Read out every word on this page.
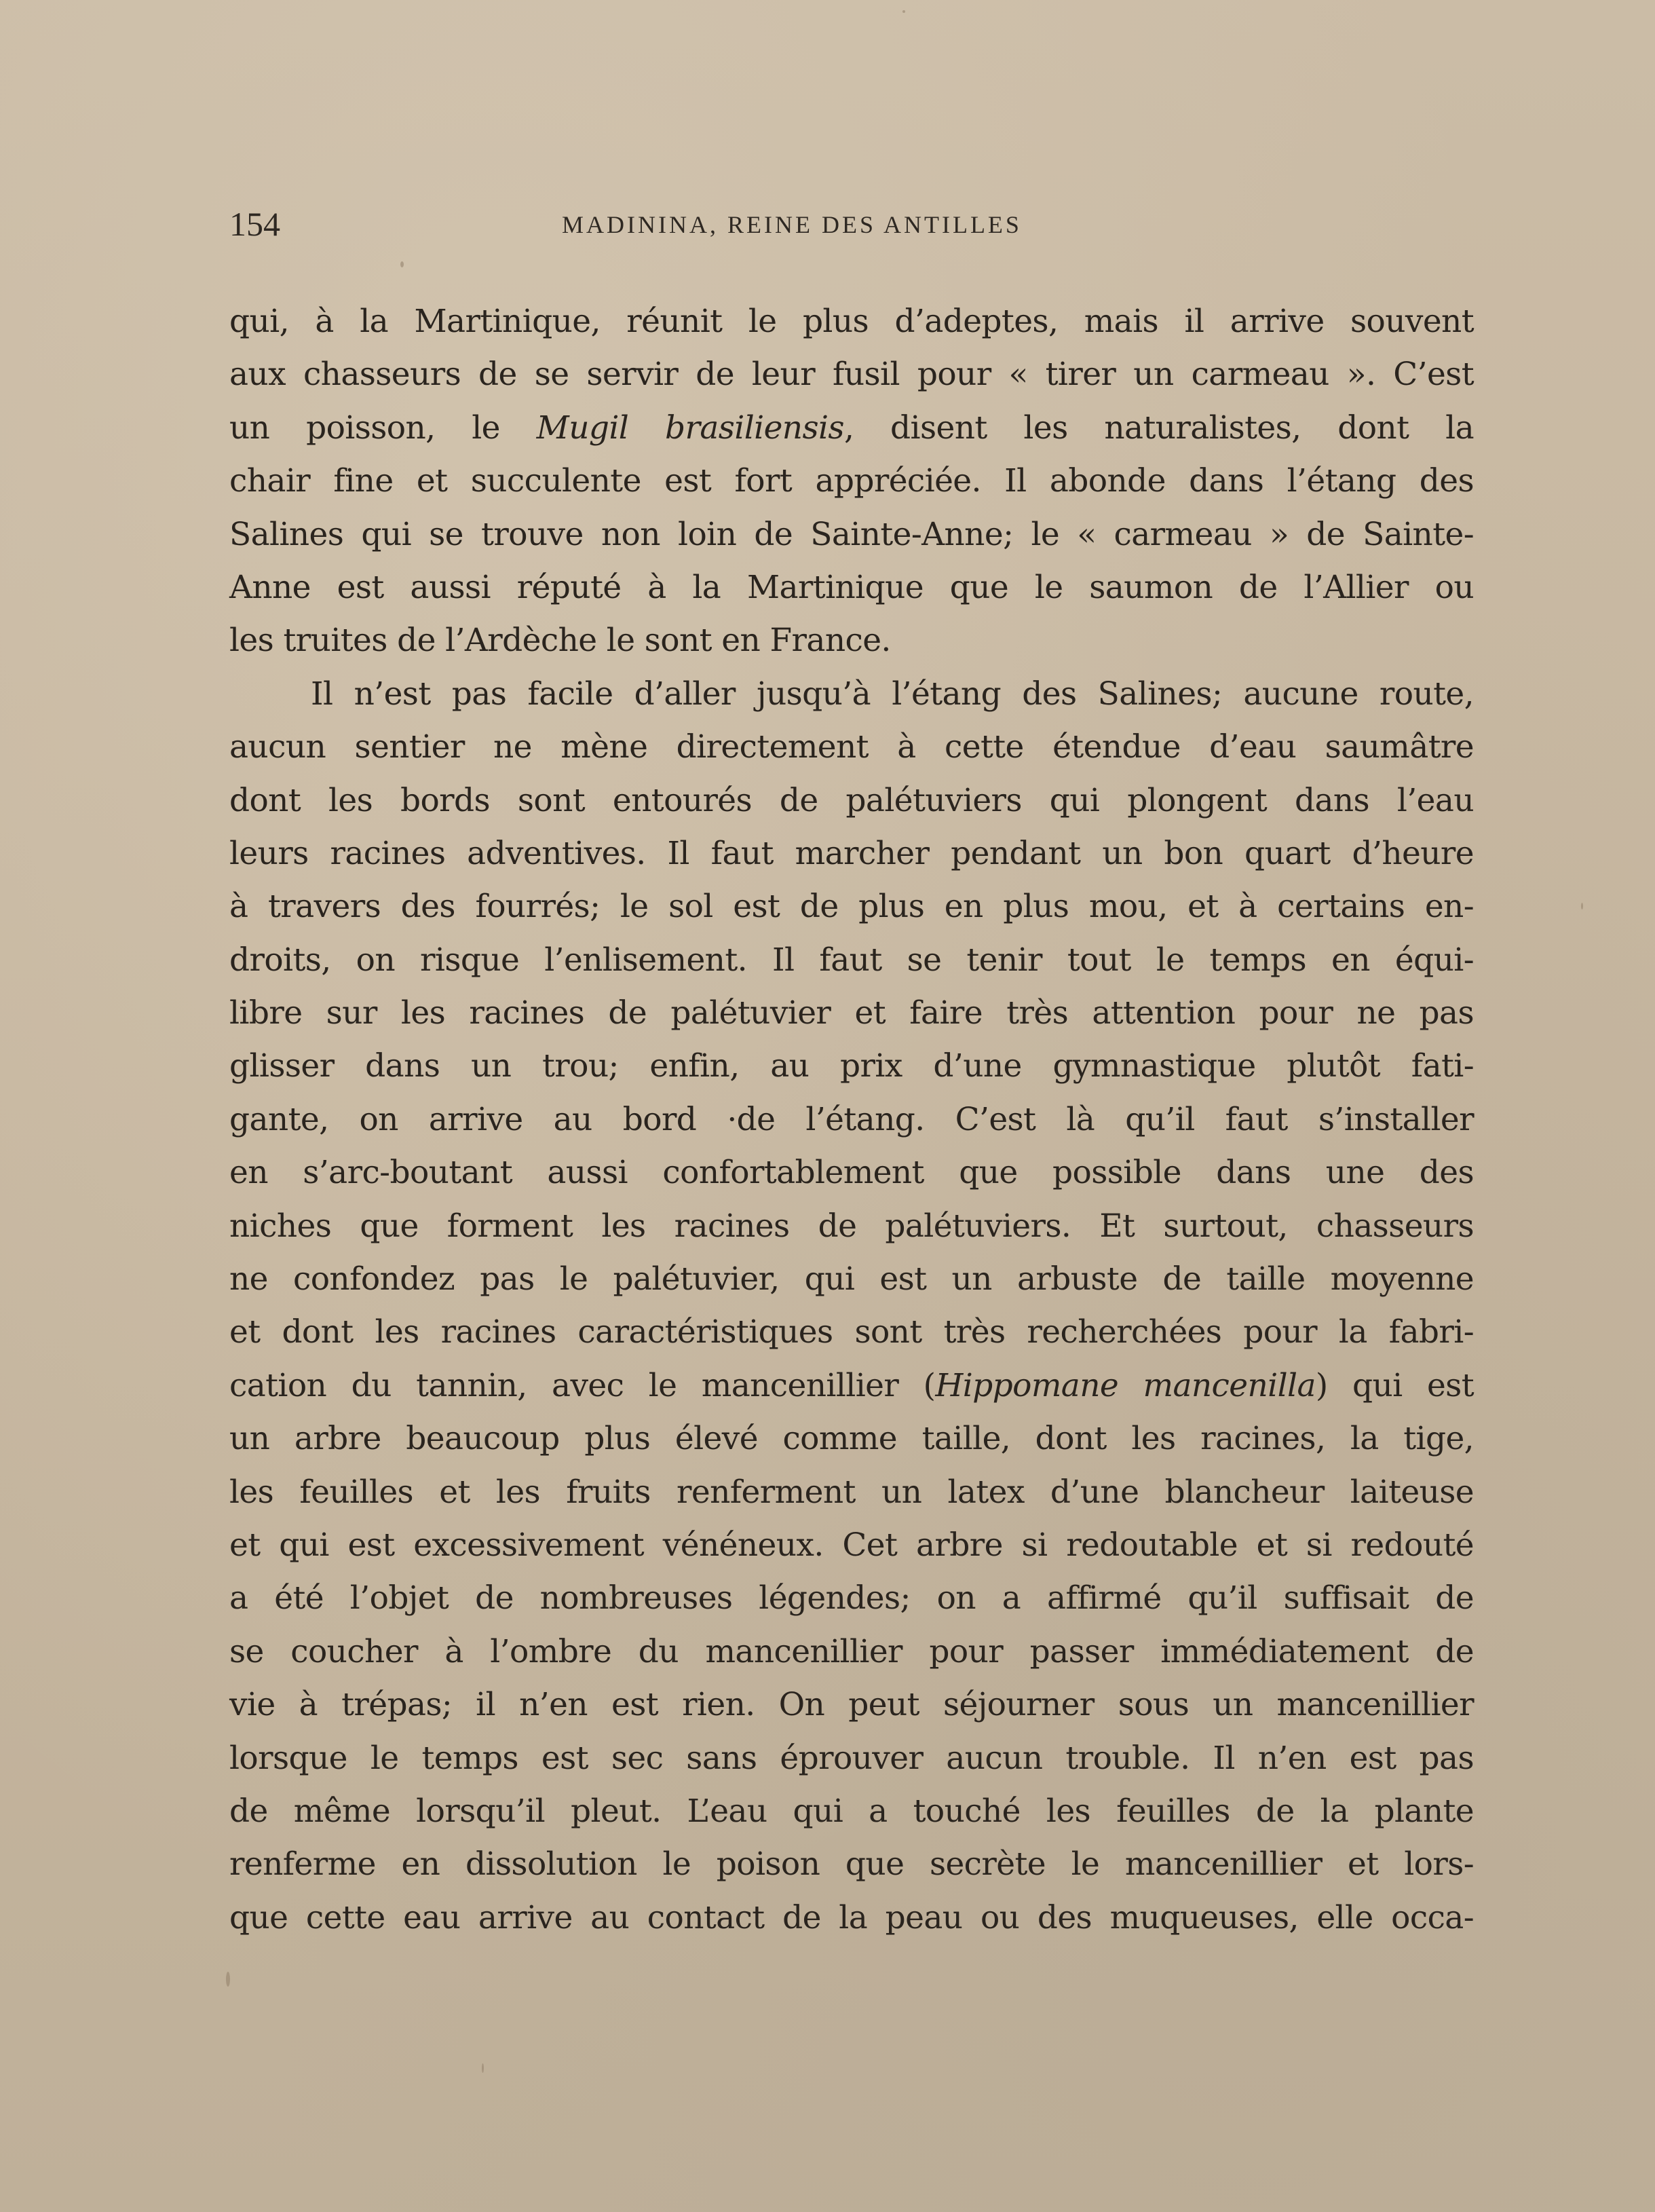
154	MADININA, REINE DES ANTILLES
qui, à la Martinique, réunit le plus d’adeptes, mais il arrive souvent
aux chasseurs de se servir de leur fusil pour « tirer un carmeau ». C’est
un poisson, le Mugil brasiliensis, disent les naturalistes, dont la
chair fine et succulente est fort appréciée. Il abonde dans l’étang des
Salines qui se trouve non loin de Sainte-Anne; le « carmeau » de Sainte-
Anne est aussi réputé à la Martinique que le saumon de l’Allier ou
les truites de l’Ardèche le sont en France.
Il n’est pas facile d’aller jusqu’à l’étang des Salines; aucune route,
aucun sentier ne mène directement à cette étendue d’eau saumâtre
dont les bords sont entourés de palétuviers qui plongent dans l’eau
leurs racines adventives. Il faut marcher pendant un bon quart d’heure
à travers des fourrés; le sol est de plus en plus mou, et à certains en-
droits, on risque l’enlisement. Il faut se tenir tout le temps en équi-
libre sur les racines de palétuvier et faire très attention pour ne pas
glisser dans un trou; enfin, au prix d’une gymnastique plutôt fati-
gante, on arrive au bord ·de l’étang. C’est là qu’il faut s’installer
en s’arc-boutant aussi confortablement que possible dans une des
niches que forment les racines de palétuviers. Et surtout, chasseurs
ne confondez pas le palétuvier, qui est un arbuste de taille moyenne
et dont les racines caractéristiques sont très recherchées pour la fabri-
cation du tannin, avec le mancenillier (Hippomane mancenilla) qui est
un arbre beaucoup plus élevé comme taille, dont les racines, la tige,
les feuilles et les fruits renferment un latex d’une blancheur laiteuse
et qui est excessivement vénéneux. Cet arbre si redoutable et si redouté
a été l’objet de nombreuses légendes; on a affirmé qu’il suffisait de
se coucher à l’ombre du mancenillier pour passer immédiatement de
vie à trépas; il n’en est rien. On peut séjourner sous un mancenillier
lorsque le temps est sec sans éprouver aucun trouble. Il n’en est pas
de même lorsqu’il pleut. L’eau qui a touché les feuilles de la plante
renferme en dissolution le poison que secrète le mancenillier et lors-
que cette eau arrive au contact de la peau ou des muqueuses, elle occa-
